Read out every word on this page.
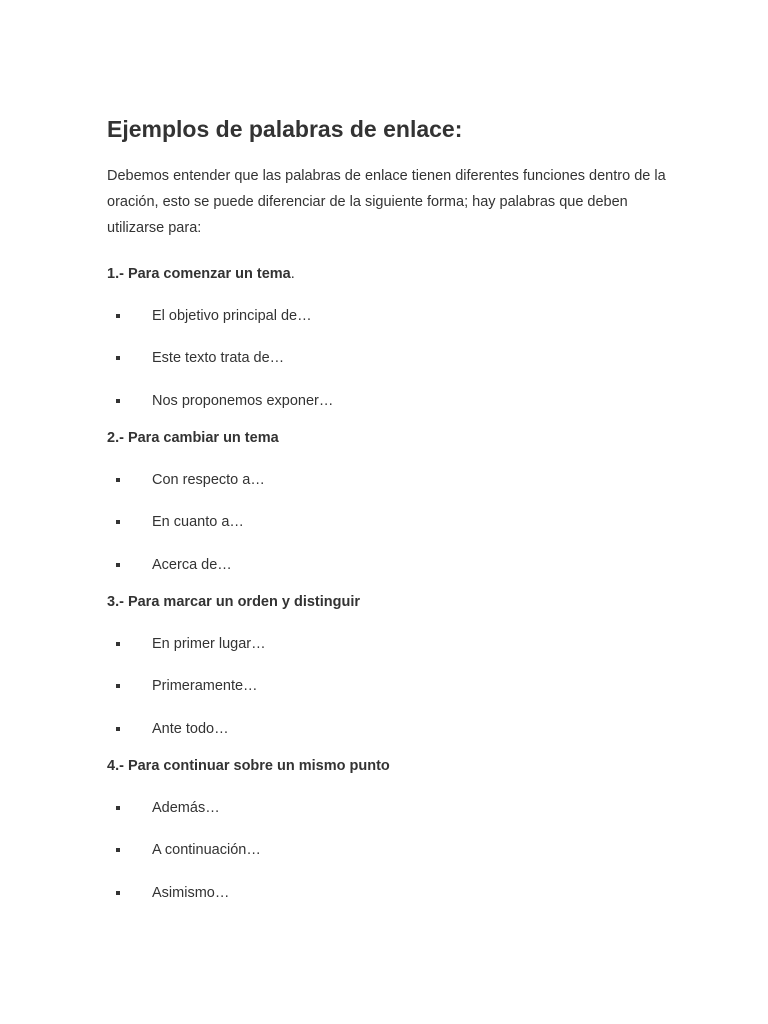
Ejemplos de palabras de enlace:

Debemos entender que las palabras de enlace tienen diferentes funciones dentro de la oración, esto se puede diferenciar de la siguiente forma; hay palabras que deben utilizarse para:

1.- Para comenzar un tema.

El objetivo principal de…
Este texto trata de…
Nos proponemos exponer…

2.- Para cambiar un tema

Con respecto a…
En cuanto a…
Acerca de…

3.- Para marcar un orden y distinguir

En primer lugar…
Primeramente…
Ante todo…

4.- Para continuar sobre un mismo punto

Además…
A continuación…
Asimismo…
